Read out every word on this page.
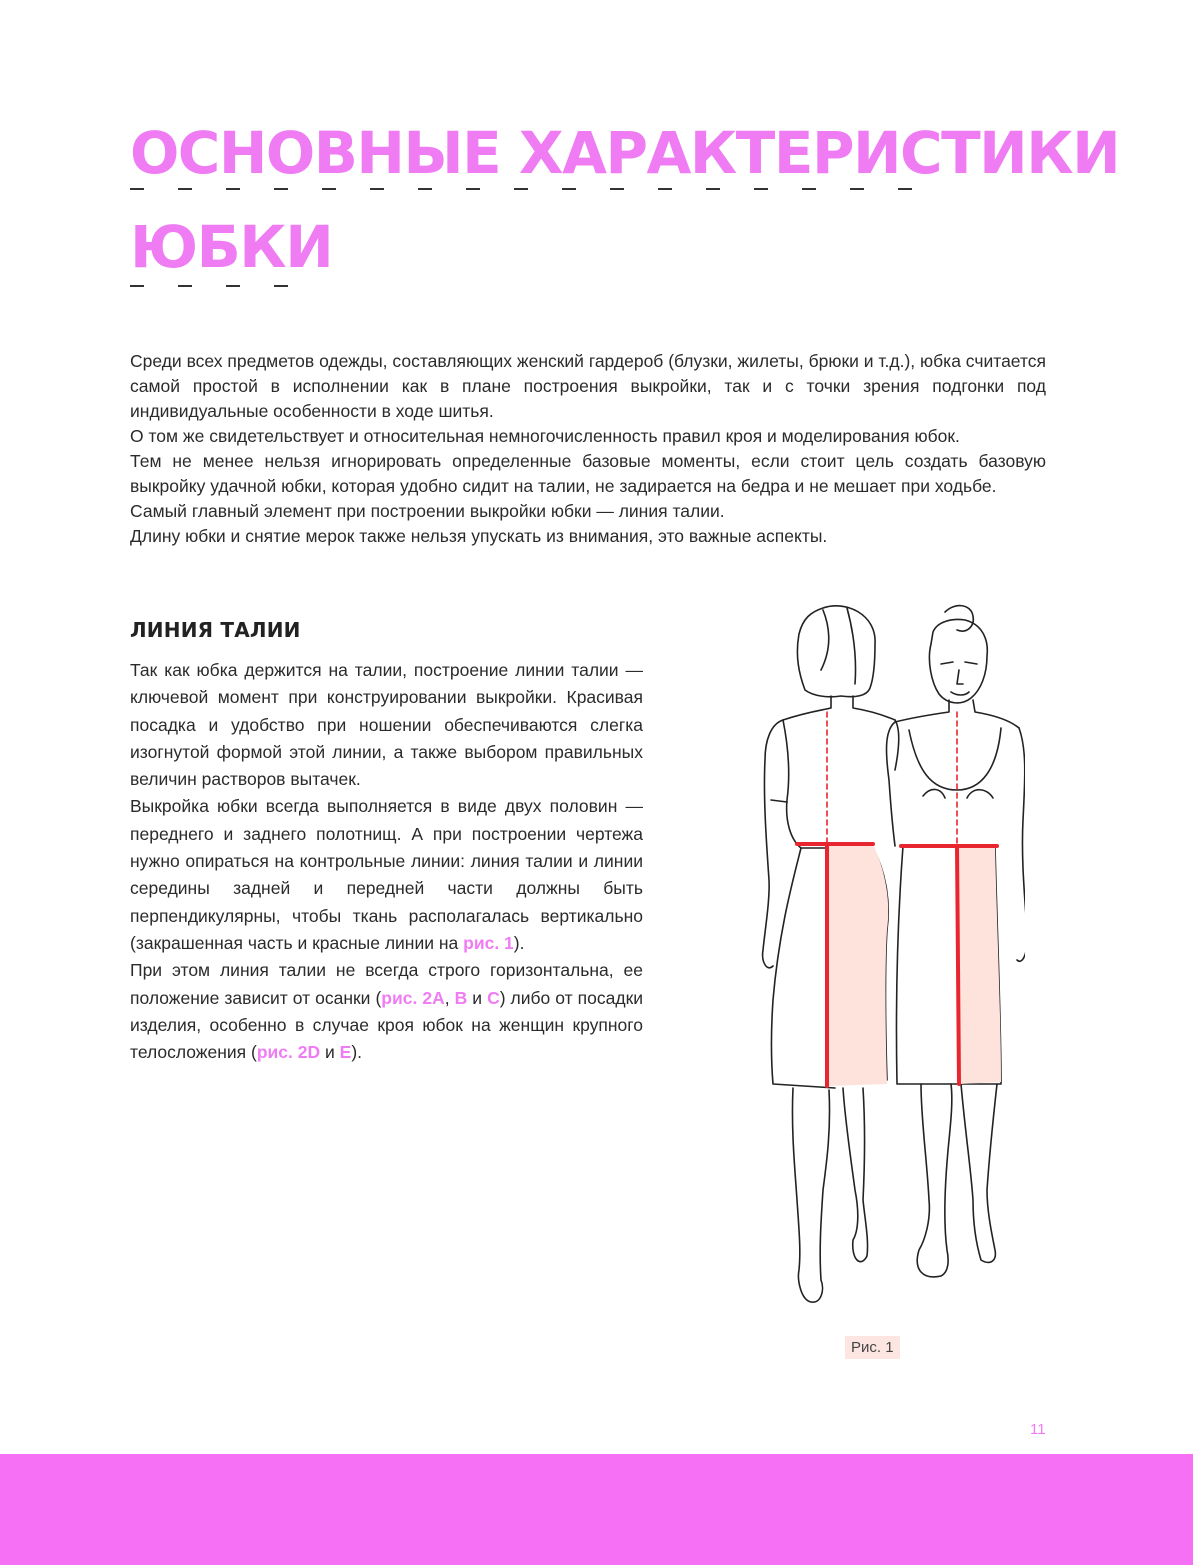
ОСНОВНЫЕ ХАРАКТЕРИСТИКИ
ЮБКИ

Среди всех предметов одежды, составляющих женский гардероб (блузки, жилеты, брюки и т.д.), юбка считается самой простой в исполнении как в плане построения выкройки, так и с точки зрения подгонки под индивидуальные особенности в ходе шитья.

О том же свидетельствует и относительная немногочисленность правил кроя и моделирования юбок.

Тем не менее нельзя игнорировать определенные базовые моменты, если стоит цель создать базовую выкройку удачной юбки, которая удобно сидит на талии, не задирается на бедра и не мешает при ходьбе.

Самый главный элемент при построении выкройки юбки — линия талии.

Длину юбки и снятие мерок также нельзя упускать из внимания, это важные аспекты.

ЛИНИЯ ТАЛИИ

Так как юбка держится на талии, построение линии талии — ключевой момент при конструировании выкройки. Красивая посадка и удобство при ношении обеспечиваются слегка изогнутой формой этой линии, а также выбором правильных величин растворов вытачек.

Выкройка юбки всегда выполняется в виде двух половин — переднего и заднего полотнищ. А при построении чертежа нужно опираться на контрольные линии: линия талии и линии середины задней и передней части должны быть перпендикулярны, чтобы ткань располагалась вертикально (закрашенная часть и красные линии на рис. 1).

При этом линия талии не всегда строго горизонтальна, ее положение зависит от осанки (рис. 2A, B и C) либо от посадки изделия, особенно в случае кроя юбок на женщин крупного телосложения (рис. 2D и E).

Рис. 1
11
